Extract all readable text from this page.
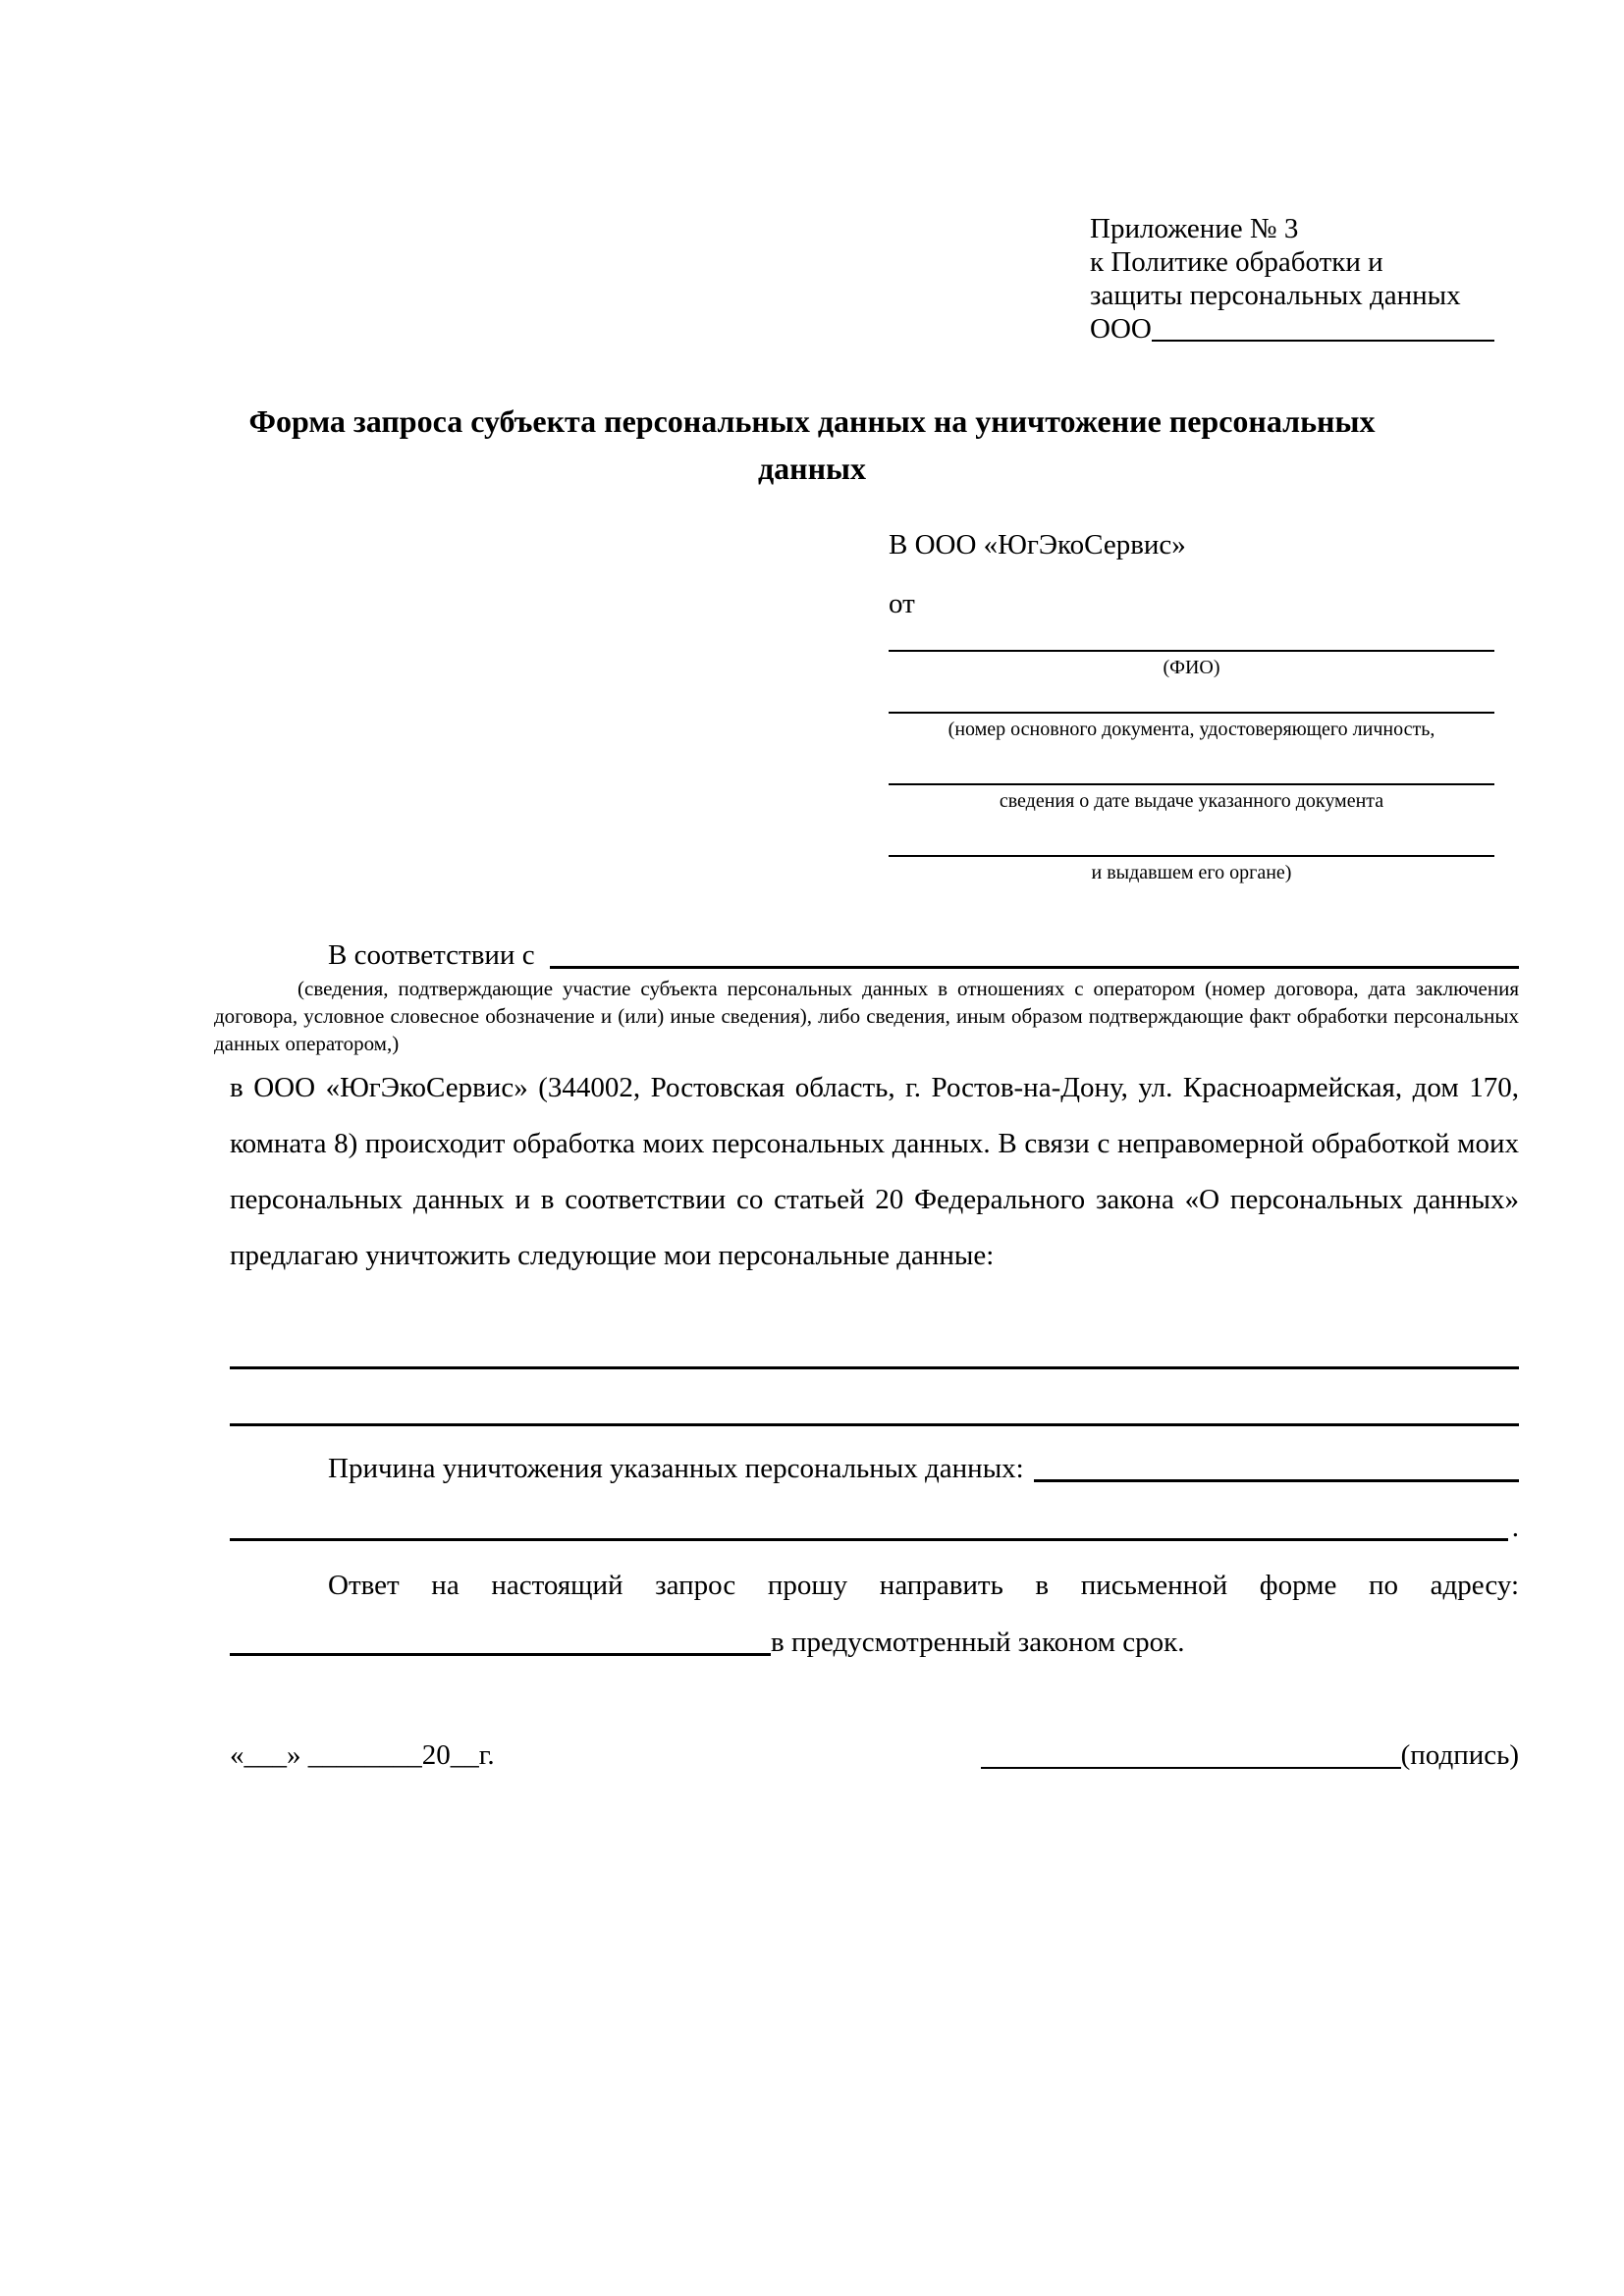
Приложение № 3
к Политике обработки и
защиты персональных данных
ООО
Форма запроса субъекта персональных данных на уничтожение персональных данных
В ООО «ЮгЭкоСервис»
от
(ФИО)
(номер основного документа, удостоверяющего личность,
сведения о дате выдаче указанного документа
и выдавшем его органе)
В соответствии с
(сведения, подтверждающие участие субъекта персональных данных в отношениях с оператором (номер договора, дата заключения договора, условное словесное обозначение и (или) иные сведения), либо сведения, иным образом подтверждающие факт обработки персональных данных оператором,)
в ООО «ЮгЭкоСервис» (344002, Ростовская область, г. Ростов-на-Дону, ул. Красноармейская, дом 170, комната 8) происходит обработка моих персональных данных. В связи с неправомерной обработкой моих персональных данных и в соответствии со статьей 20 Федерального закона «О персональных данных» предлагаю уничтожить следующие мои персональные данные:
Причина уничтожения указанных персональных данных:
.
Ответ на настоящий запрос прошу направить в письменной форме по адресу:
в предусмотренный законом срок.
«___» ________20__г.	(подпись)
